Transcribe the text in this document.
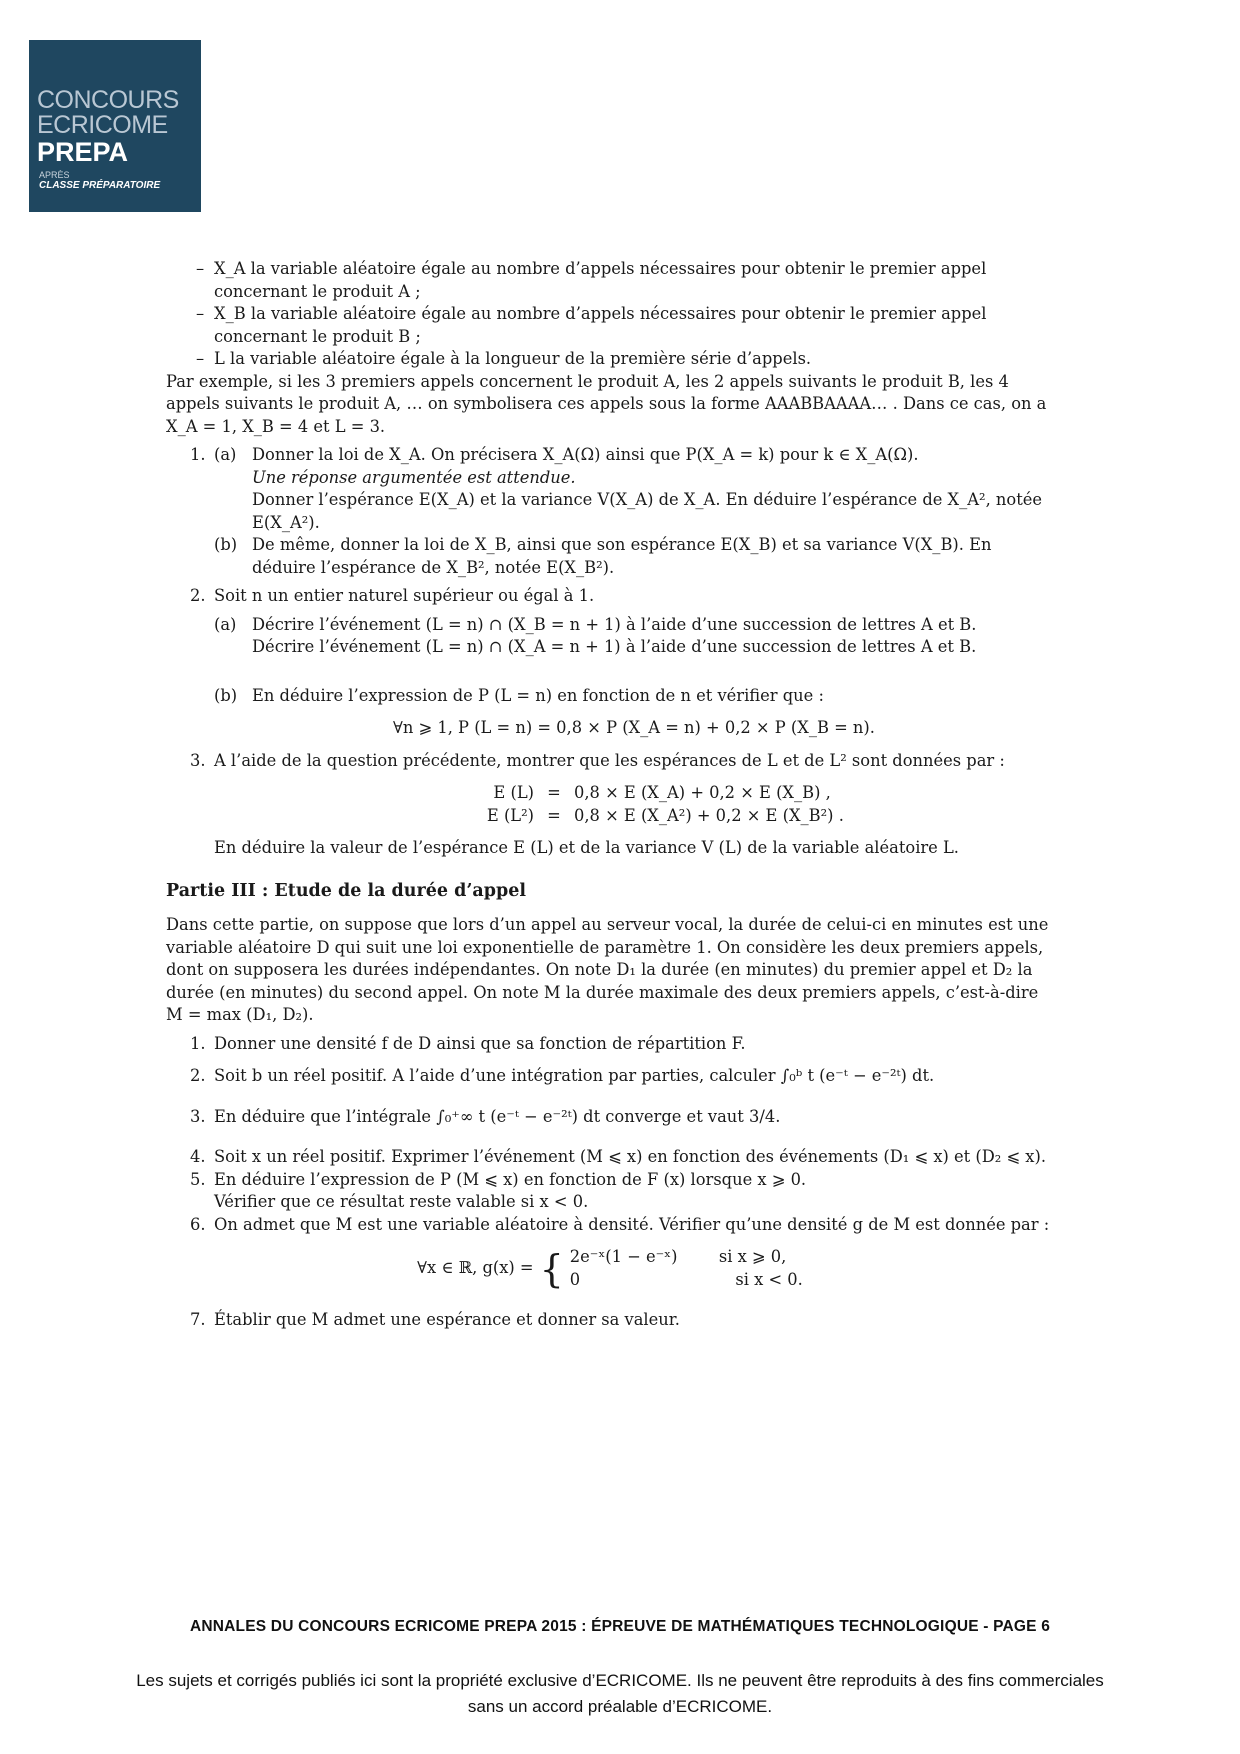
CONCOURS
ECRICOME
PREPA
APRÈS
CLASSE PRÉPARATOIRE
– X_A la variable aléatoire égale au nombre d’appels nécessaires pour obtenir le premier appel concernant le produit A ;

– X_B la variable aléatoire égale au nombre d’appels nécessaires pour obtenir le premier appel concernant le produit B ;

– L la variable aléatoire égale à la longueur de la première série d’appels.

Par exemple, si les 3 premiers appels concernent le produit A, les 2 appels suivants le produit B, les 4 appels suivants le produit A, … on symbolisera ces appels sous la forme AAABBAAAA… . Dans ce cas, on a X_A = 1, X_B = 4 et L = 3.

1. (a) Donner la loi de X_A. On précisera X_A(Ω) ainsi que P(X_A = k) pour k ∈ X_A(Ω).

Une réponse argumentée est attendue.

Donner l’espérance E(X_A) et la variance V(X_A) de X_A. En déduire l’espérance de X_A², notée E(X_A²).

(b) De même, donner la loi de X_B, ainsi que son espérance E(X_B) et sa variance V(X_B). En déduire l’espérance de X_B², notée E(X_B²).

2. Soit n un entier naturel supérieur ou égal à 1.

(a) Décrire l’événement (L = n) ∩ (X_B = n + 1) à l’aide d’une succession de lettres A et B.

Décrire l’événement (L = n) ∩ (X_A = n + 1) à l’aide d’une succession de lettres A et B.

(b) En déduire l’expression de P (L = n) en fonction de n et vérifier que :

∀n ⩾ 1, P (L = n) = 0,8 × P (X_A = n) + 0,2 × P (X_B = n).

3. A l’aide de la question précédente, montrer que les espérances de L et de L² sont données par :

E (L) = 0,8 × E (X_A) + 0,2 × E (X_B) ,
E (L²) = 0,8 × E (X_A²) + 0,2 × E (X_B²) .

En déduire la valeur de l’espérance E (L) et de la variance V (L) de la variable aléatoire L.

Partie III : Etude de la durée d’appel

Dans cette partie, on suppose que lors d’un appel au serveur vocal, la durée de celui-ci en minutes est une variable aléatoire D qui suit une loi exponentielle de paramètre 1. On considère les deux premiers appels, dont on supposera les durées indépendantes. On note D₁ la durée (en minutes) du premier appel et D₂ la durée (en minutes) du second appel. On note M la durée maximale des deux premiers appels, c’est-à-dire M = max (D₁, D₂).

1. Donner une densité f de D ainsi que sa fonction de répartition F.

2. Soit b un réel positif. A l’aide d’une intégration par parties, calculer ∫₀ᵇ t (e⁻ᵗ − e⁻²ᵗ) dt.

3. En déduire que l’intégrale ∫₀⁺∞ t (e⁻ᵗ − e⁻²ᵗ) dt converge et vaut 3/4.

4. Soit x un réel positif. Exprimer l’événement (M ⩽ x) en fonction des événements (D₁ ⩽ x) et (D₂ ⩽ x).

5. En déduire l’expression de P (M ⩽ x) en fonction de F (x) lorsque x ⩾ 0.

Vérifier que ce résultat reste valable si x < 0.

6. On admet que M est une variable aléatoire à densité. Vérifier qu’une densité g de M est donnée par :

∀x ∈ ℝ, g(x) = { 2e⁻ˣ(1 − e⁻ˣ)        si x ⩾ 0,

0                              si x < 0.

7. Établir que M admet une espérance et donner sa valeur.

ANNALES DU CONCOURS ECRICOME PREPA 2015 : ÉPREUVE DE MATHÉMATIQUES TECHNOLOGIQUE - PAGE 6
Les sujets et corrigés publiés ici sont la propriété exclusive d’ECRICOME. Ils ne peuvent être reproduits à des fins commerciales sans un accord préalable d’ECRICOME.
